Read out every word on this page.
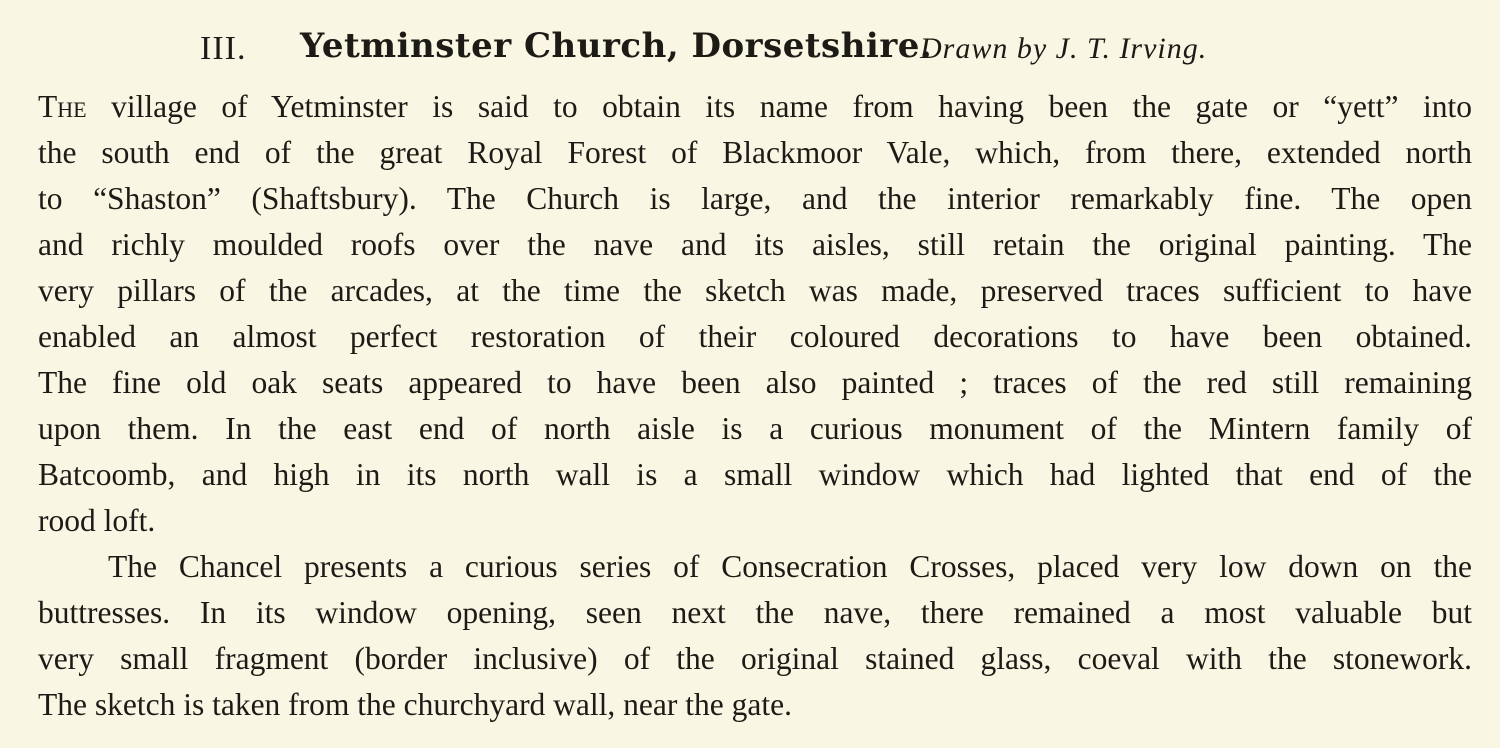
III. Yetminster Church, Dorsetshire.
Drawn by J. T. Irving.

The village of Yetminster is said to obtain its name from having been the gate or “yett” into
the south end of the great Royal Forest of Blackmoor Vale, which, from there, extended north
to “Shaston” (Shaftsbury). The Church is large, and the interior remarkably fine. The open
and richly moulded roofs over the nave and its aisles, still retain the original painting. The
very pillars of the arcades, at the time the sketch was made, preserved traces sufficient to have
enabled an almost perfect restoration of their coloured decorations to have been obtained.
The fine old oak seats appeared to have been also painted ; traces of the red still remaining
upon them. In the east end of north aisle is a curious monument of the Mintern family of
Batcoomb, and high in its north wall is a small window which had lighted that end of the
rood loft.

The Chancel presents a curious series of Consecration Crosses, placed very low down on the
buttresses. In its window opening, seen next the nave, there remained a most valuable but
very small fragment (border inclusive) of the original stained glass, coeval with the stonework.
The sketch is taken from the churchyard wall, near the gate.
